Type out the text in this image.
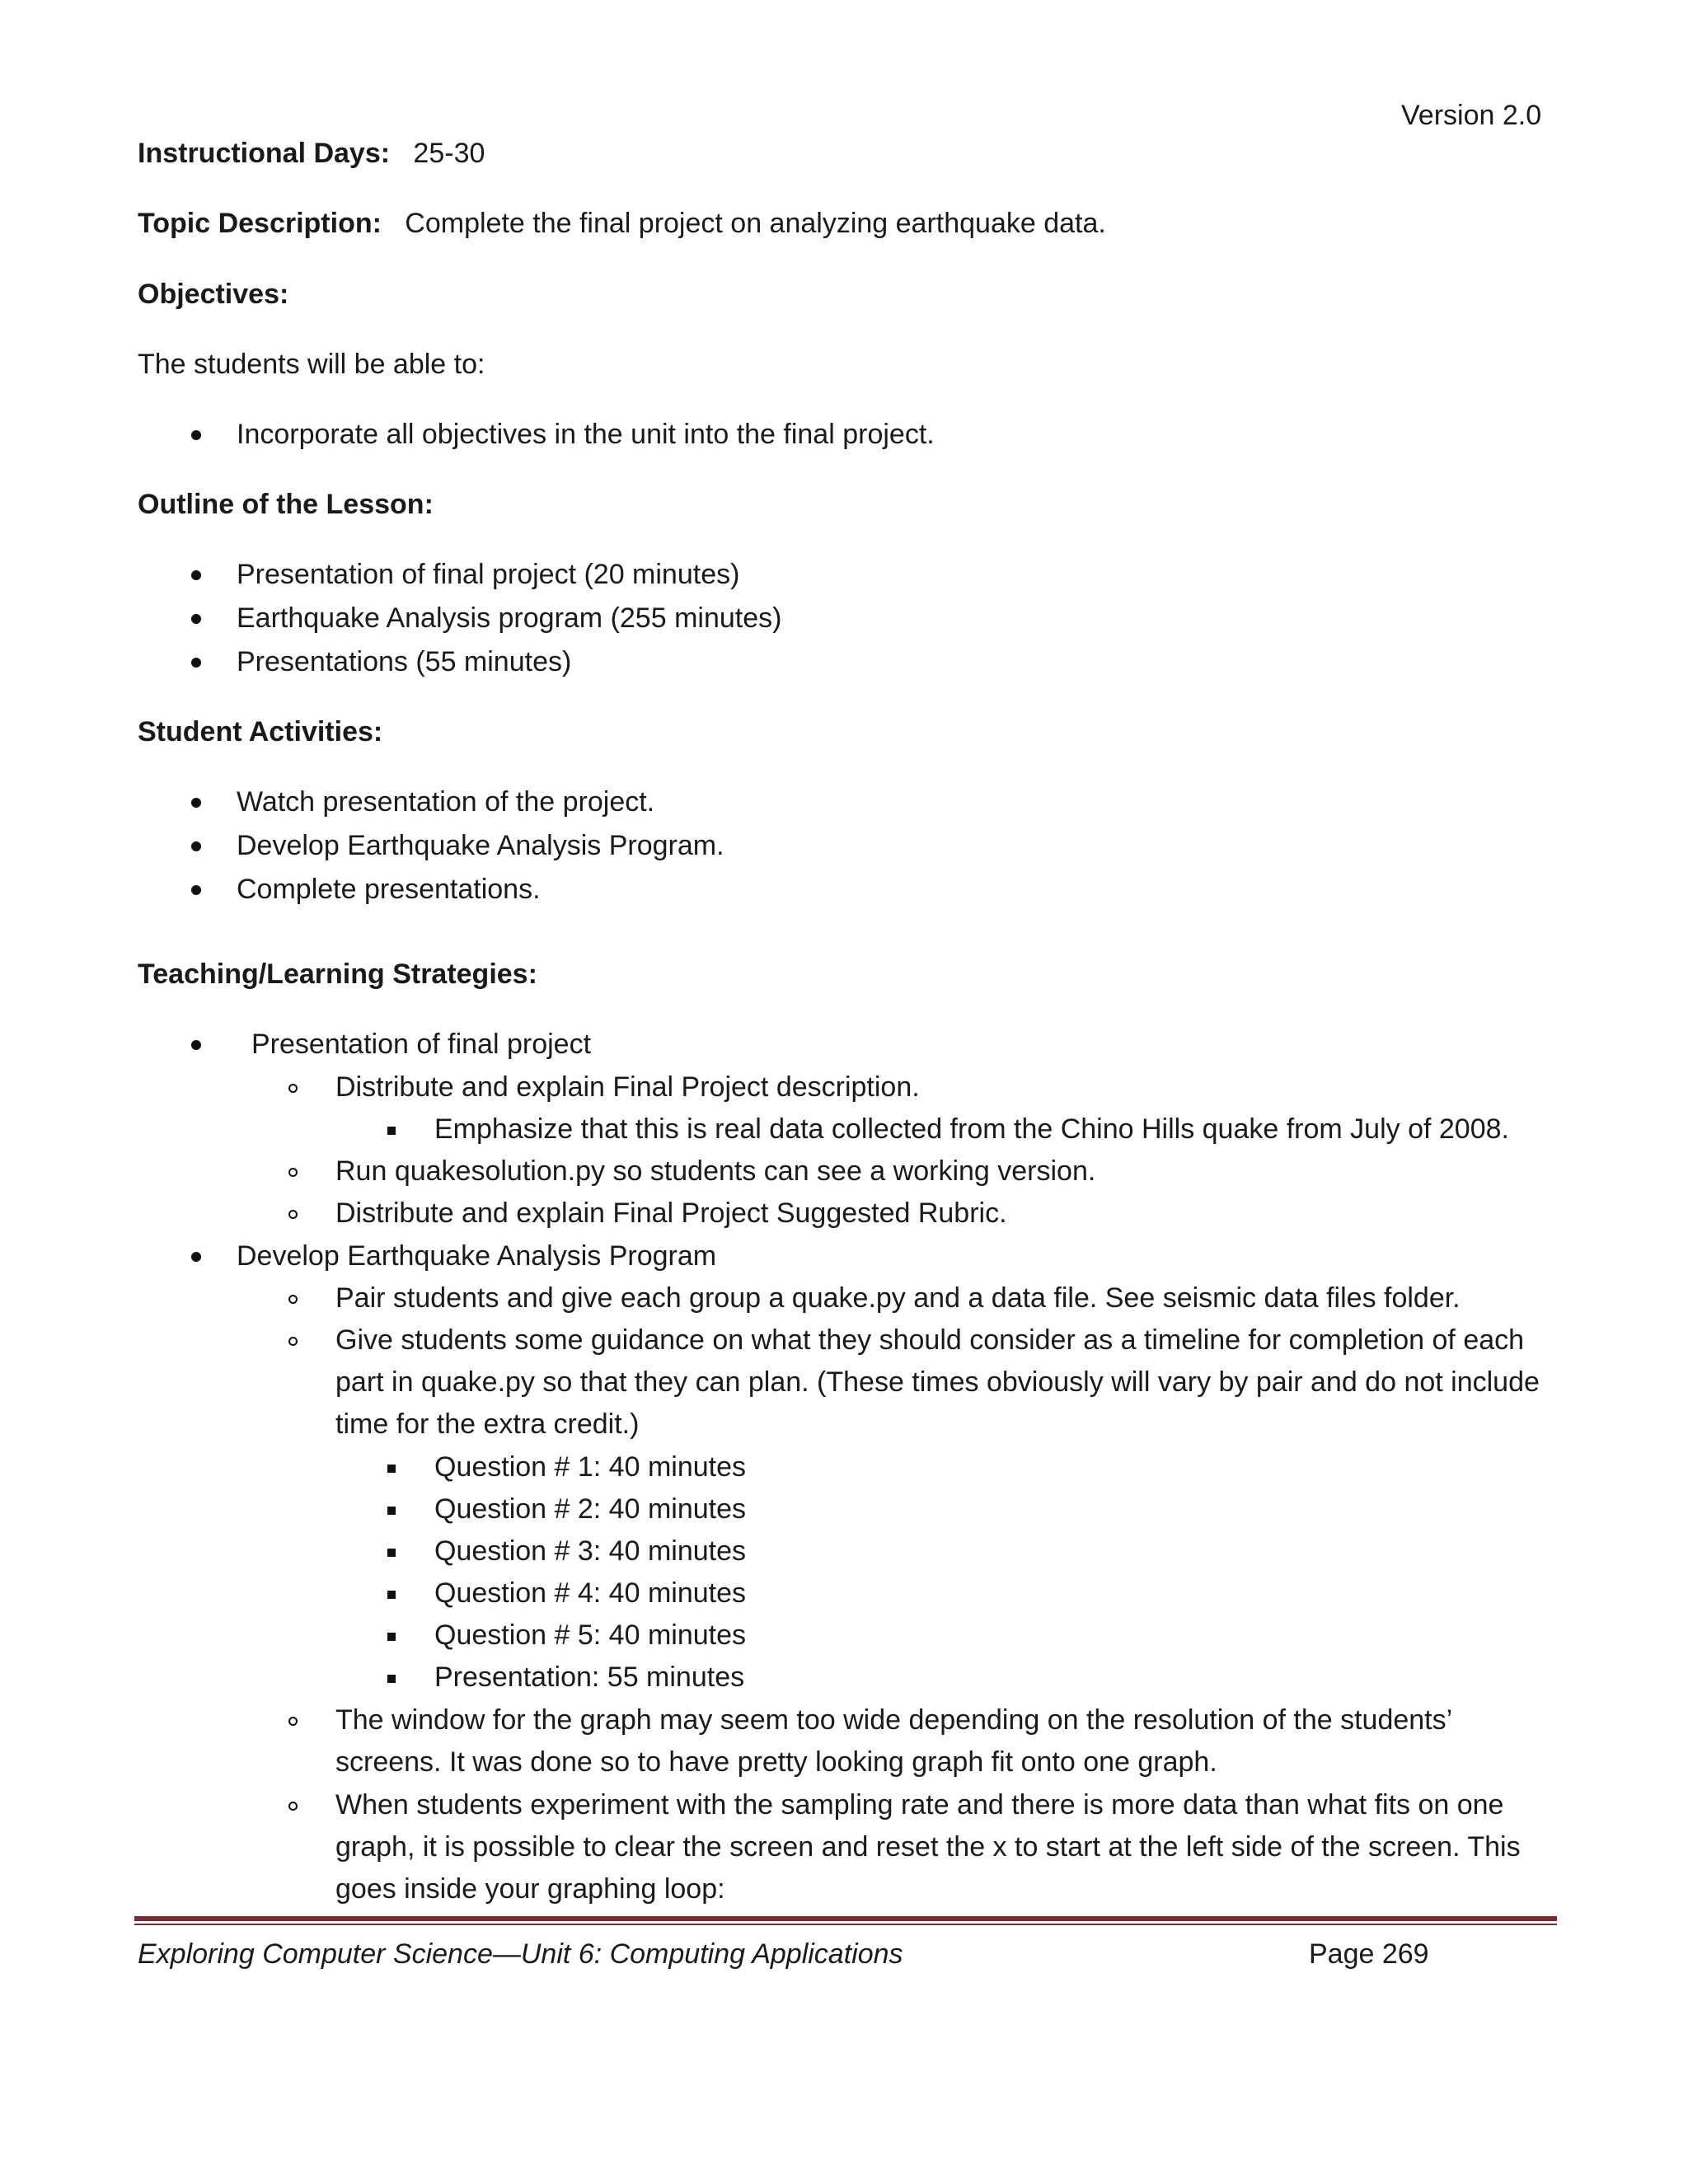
Version 2.0
Instructional Days: 25-30
Topic Description: Complete the final project on analyzing earthquake data.
Objectives:
The students will be able to:
Incorporate all objectives in the unit into the final project.
Outline of the Lesson:
Presentation of final project (20 minutes)
Earthquake Analysis program (255 minutes)
Presentations (55 minutes)
Student Activities:
Watch presentation of the project.
Develop Earthquake Analysis Program.
Complete presentations.
Teaching/Learning Strategies:
Presentation of final project
Distribute and explain Final Project description.
Emphasize that this is real data collected from the Chino Hills quake from July of 2008.
Run quakesolution.py so students can see a working version.
Distribute and explain Final Project Suggested Rubric.
Develop Earthquake Analysis Program
Pair students and give each group a quake.py and a data file. See seismic data files folder.
Give students some guidance on what they should consider as a timeline for completion of each
part in quake.py so that they can plan. (These times obviously will vary by pair and do not include
time for the extra credit.)
Question # 1: 40 minutes
Question # 2: 40 minutes
Question # 3: 40 minutes
Question # 4: 40 minutes
Question # 5: 40 minutes
Presentation: 55 minutes
The window for the graph may seem too wide depending on the resolution of the students’
screens. It was done so to have pretty looking graph fit onto one graph.
When students experiment with the sampling rate and there is more data than what fits on one
graph, it is possible to clear the screen and reset the x to start at the left side of the screen. This
goes inside your graphing loop:
Exploring Computer Science—Unit 6: Computing Applications	Page 269
